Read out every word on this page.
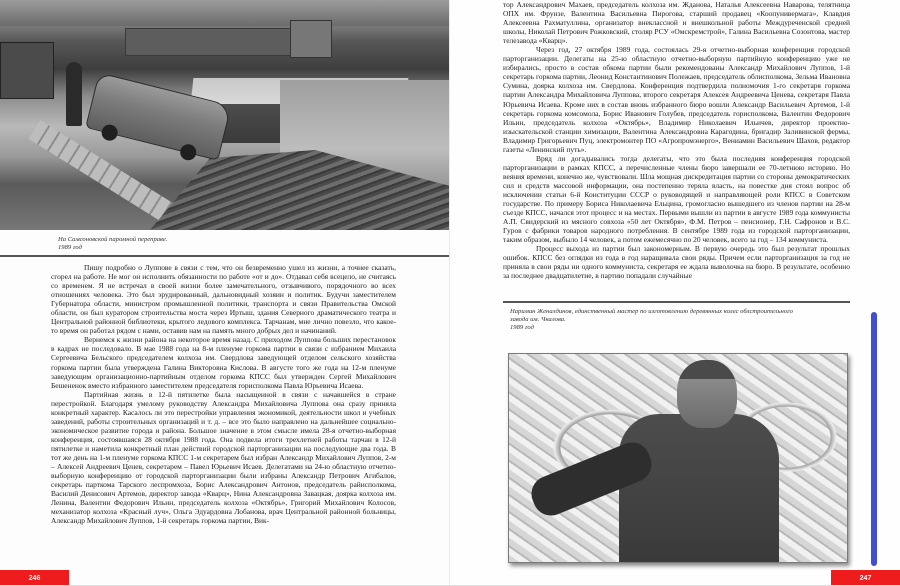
На Самсоновской паромной переправе.
1989 год

Пишу подробно о Луппове в связи с тем, что он безвременно ушел из жизни, а точнее сказать, сгорел на работе. Не мог он исполнить обязанности по работе «от и до». Отдавал себя всецело, не считаясь со временем. Я не встречал в своей жизни более замечательного, отзывчивого, порядочного во всех отношениях человека. Это был эрудированный, дальновидный хозяин и политик. Будучи заместителем Губернатора области, министром промышленной политики, транспорта и связи Правительства Омской области, он был куратором строительства моста через Иртыш, здания Северного драматического театра и Центральной районной библиотеки, крытого ледового комплекса. Тарчанам, мне лично повезло, что какое-то время он работал рядом с нами, оставив нам на память много добрых дел и начинаний.

Вернемся к жизни района на некоторое время назад. С приходом Луппова больших перестановок в кадрах не последовало. В мае 1988 года на 8-м пленуме горкома партии в связи с избранием Михаила Сергеевича Бельского председателем колхоза им. Свердлова заведующей отделом сельского хозяйства горкома партии была утверждена Галина Викторовна Кислова. В августе того же года на 12-м пленуме заведующим организационно-партийным отделом горкома КПСС был утвержден Сергей Михайлович Бешененок вместо избранного заместителем председателя горисполкома Павла Юрьевича Исаева.

Партийная жизнь в 12-й пятилетке была насыщенной в связи с начавшейся в стране перестройкой. Благодаря умелому руководству Александра Михайловича Луппова она сразу приняла конкретный характер. Касалось ли это перестройки управления экономикой, деятельности школ и учебных заведений, работы строительных организаций и т. д. – все это было направлено на дальнейшее социально-экономическое развитие города и района. Большое значение в этом смысле имела 28-я отчетно-выборная конференция, состоявшаяся 28 октября 1988 года. Она подвела итоги трехлетней работы тарчан в 12-й пятилетке и наметила конкретный план действий городской парторганизации на последующие два года. В тот же день на 1-м пленуме горкома КПСС 1-м секретарем был избран Александр Михайлович Луппов, 2-м – Алексей Андреевич Ценев, секретарем – Павел Юрьевич Исаев. Делегатами на 24-ю областную отчетно-выборную конференцию от городской парторганизации были избраны Александр Петрович Агибалов, секретарь парткома Тарского леспромхоза, Борис Александрович Антонов, председатель райисполкома, Василий Денисович Артемов, директор завода «Кварц», Нина Александровна Завацкая, доярка колхоза им. Ленина, Валентин Федорович Ильин, председатель колхоза «Октябрь», Григорий Михайлович Колосов, механизатор колхоза «Красный луч», Ольга Эдуардовна Лобанова, врач Центральной районной больницы, Александр Михайлович Луппов, 1-й секретарь горкома партии, Вик-

246

тор Александрович Махаев, председатель колхоза им. Жданова, Наталья Алексеевна Наварова, телятница ОПХ им. Фрунзе, Валентина Васильевна Пирогова, старший продавец «Коопунивермага», Клавдия Алексеевна Рахматуллина, организатор внеклассной и внешкольной работы Междуреченской средней школы, Николай Петрович Рожковский, столяр РСУ «Омскремстрой», Галина Васильевна Созонтова, мастер телезавода «Кварц».

Через год, 27 октября 1989 года, состоялась 29-я отчетно-выборная конференция городской парторганизации. Делегаты на 25-ю областную отчетно-выборную партийную конференцию уже не избирались, просто в состав обкома партии были рекомендованы Александр Михайлович Луппов, 1-й секретарь горкома партии, Леонид Константинович Полежаев, председатель облисполкома, Зельма Ивановна Сумина, доярка колхоза им. Свердлова. Конференция подтвердила полномочия 1-го секретаря горкома партии Александра Михайловича Луппова, второго секретаря Алексея Андреевича Ценева, секретаря Павла Юрьевича Исаева. Кроме них в состав вновь избранного бюро вошли Александр Васильевич Артемов, 1-й секретарь горкома комсомола, Борис Иванович Голубев, председатель горисполкома, Валентин Федорович Ильин, председатель колхоза «Октябрь», Владимир Николаевич Ильичев, директор проектно-изыскательской станции химизации, Валентина Александровна Карагодина, бригадир Заливинской фермы, Владимир Григорьевич Пуц, электромонтер ПО «Агропромэнерго», Вениамин Васильевич Шахов, редактор газеты «Ленинский путь».

Вряд ли догадывались тогда делегаты, что это была последняя конференция городской парторганизации в рамках КПСС, а перечисленные члены бюро завершали ее 70-летнюю историю. Но веяния времени, конечно же, чувствовали. Шла мощная дискредитация партии со стороны демократических сил и средств массовой информации, она постепенно теряла власть, на повестке дня стоял вопрос об исключении статьи 6-й Конституции СССР о руководящей и направляющей роли КПСС в Советском государстве. По примеру Бориса Николаевича Ельцина, громогласно вышедшего из членов партии на 28-м съезде КПСС, начался этот процесс и на местах. Первыми вышли из партии в августе 1989 года коммунисты А.П. Свидерский из мясного совхоза «50 лет Октября», Ф.М. Петров – пенсионер, Г.Н. Сафронов и В.С. Гуров с фабрики товаров народного потребления. В сентябре 1989 года из городской парторганизации, таким образом, выбыло 14 человек, а потом ежемесячно по 20 человек, всего за год – 134 коммуниста.

Процесс выхода из партии был закономерным. В первую очередь это был результат прошлых ошибок. КПСС без оглядки из года в год наращивала свои ряды. Причем если парторганизация за год не приняла в свои ряды ни одного коммуниста, секретаря ее ждала выволочка на бюро. В результате, особенно за последнее двадцатилетие, в партию попадали случайные

Нариман Женалдинов, единственный мастер по изготовлению деревянных колес облстроительного
завода им. Чкалова.
1989 год
247
